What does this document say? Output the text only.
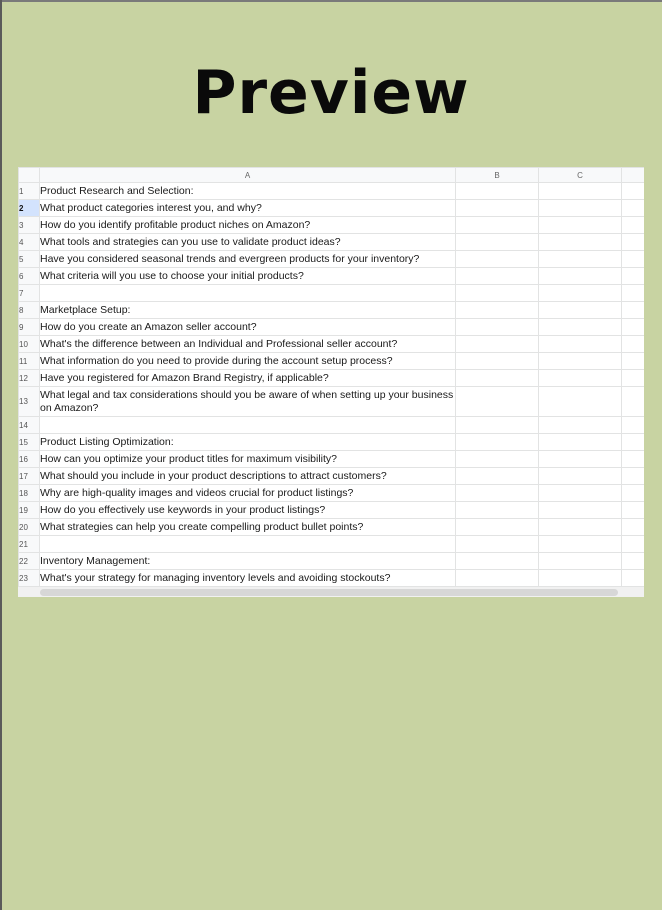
Preview
	A	B	C	
1	Product Research and Selection:			
2	What product categories interest you, and why?			
3	How do you identify profitable product niches on Amazon?			
4	What tools and strategies can you use to validate product ideas?			
5	Have you considered seasonal trends and evergreen products for your inventory?			
6	What criteria will you use to choose your initial products?			
7				
8	Marketplace Setup:			
9	How do you create an Amazon seller account?			
10	What's the difference between an Individual and Professional seller account?			
11	What information do you need to provide during the account setup process?			
12	Have you registered for Amazon Brand Registry, if applicable?			
13	What legal and tax considerations should you be aware of when setting up your business on Amazon?			
14				
15	Product Listing Optimization:			
16	How can you optimize your product titles for maximum visibility?			
17	What should you include in your product descriptions to attract customers?			
18	Why are high-quality images and videos crucial for product listings?			
19	How do you effectively use keywords in your product listings?			
20	What strategies can help you create compelling product bullet points?			
21				
22	Inventory Management:			
23	What's your strategy for managing inventory levels and avoiding stockouts?			
